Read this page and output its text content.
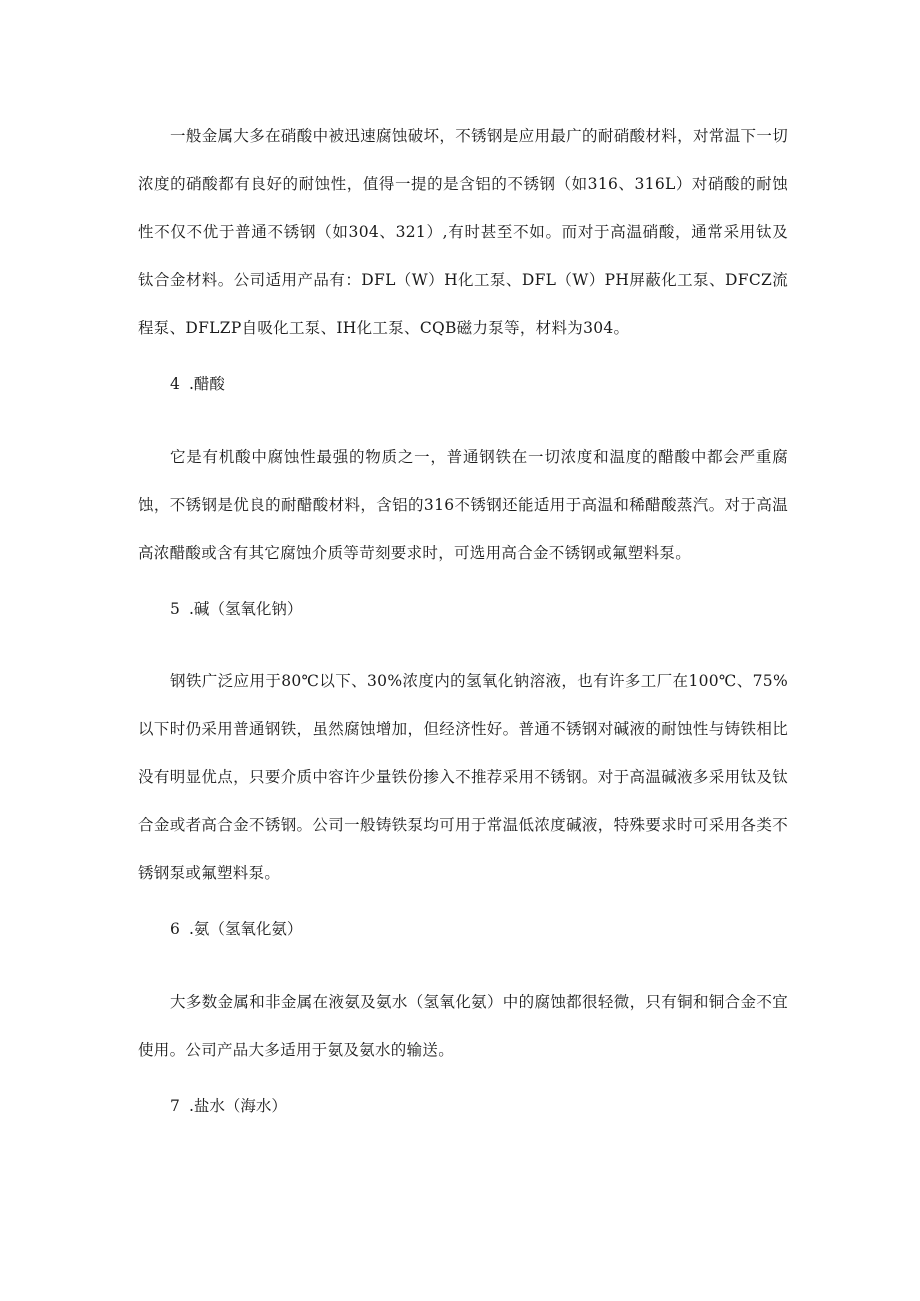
一般金属大多在硝酸中被迅速腐蚀破坏，不锈钢是应用最广的耐硝酸材料，对常温下一切浓度的硝酸都有良好的耐蚀性，值得一提的是含铝的不锈钢（如316、316L）对硝酸的耐蚀性不仅不优于普通不锈钢（如304、321）,有时甚至不如。而对于高温硝酸，通常采用钛及钛合金材料。公司适用产品有：DFL（W）H化工泵、DFL（W）PH屏蔽化工泵、DFCZ流程泵、DFLZP自吸化工泵、IH化工泵、CQB磁力泵等，材料为304。

4 .醋酸

它是有机酸中腐蚀性最强的物质之一，普通钢铁在一切浓度和温度的醋酸中都会严重腐蚀，不锈钢是优良的耐醋酸材料，含铝的316不锈钢还能适用于高温和稀醋酸蒸汽。对于高温高浓醋酸或含有其它腐蚀介质等苛刻要求时，可选用高合金不锈钢或氟塑料泵。

5 .碱（氢氧化钠）

钢铁广泛应用于80℃以下、30%浓度内的氢氧化钠溶液，也有许多工厂在100℃、75%以下时仍采用普通钢铁，虽然腐蚀增加，但经济性好。普通不锈钢对碱液的耐蚀性与铸铁相比没有明显优点，只要介质中容许少量铁份掺入不推荐采用不锈钢。对于高温碱液多采用钛及钛合金或者高合金不锈钢。公司一般铸铁泵均可用于常温低浓度碱液，特殊要求时可采用各类不锈钢泵或氟塑料泵。

6 .氨（氢氧化氨）

大多数金属和非金属在液氨及氨水（氢氧化氨）中的腐蚀都很轻微，只有铜和铜合金不宜使用。公司产品大多适用于氨及氨水的输送。

7 .盐水（海水）
